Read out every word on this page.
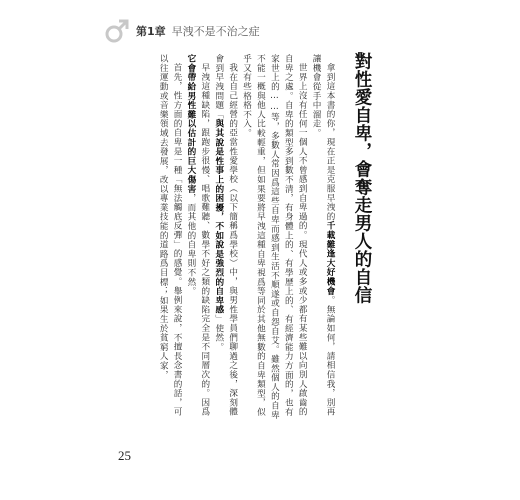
第1章 早洩不是不治之症
對性愛自卑，會奪走男人的自信

拿到這本書的你，現在正是克服早洩的千載難逢大好機會。無論如何，請相信我，別再讓機會從手中溜走。

世界上沒有任何一個人不曾感到自卑過的。現代人或多或少都有某些難以向別人啟齒的自卑之處。自卑的類型多到數不清，有身體上的、有學歷上的、有經濟能力方面的，也有家世上的……等，多數人常因爲這些自卑而感到生活不順遂或自怨自艾。雖然個人的自卑不能一概與他人比較輕重，但如果要將早洩這種自卑視爲等同於其他無數的自卑類型，似乎又有些格格不入。

我在自己經營的亞當性愛學校（以下簡稱爲學校）中，與男性學員們聊過之後，深刻體會到早洩問題「與其說是性事上的困擾，不如說是強烈的自卑感」使然。

早洩這種缺陷，跟跑步很慢、唱歌難聽、數學不好之類的缺陷完全是不同層次的。因爲它會帶給男性難以估計的巨大傷害，而其他的自卑則不然。

首先，性方面的自卑是一種「無法觸底反彈」的感覺。舉例來說，不擅長念書的話，可以往運動或音樂領域去發展，改以專業技能的道路爲目標；如果生於貧窮人家，

25
